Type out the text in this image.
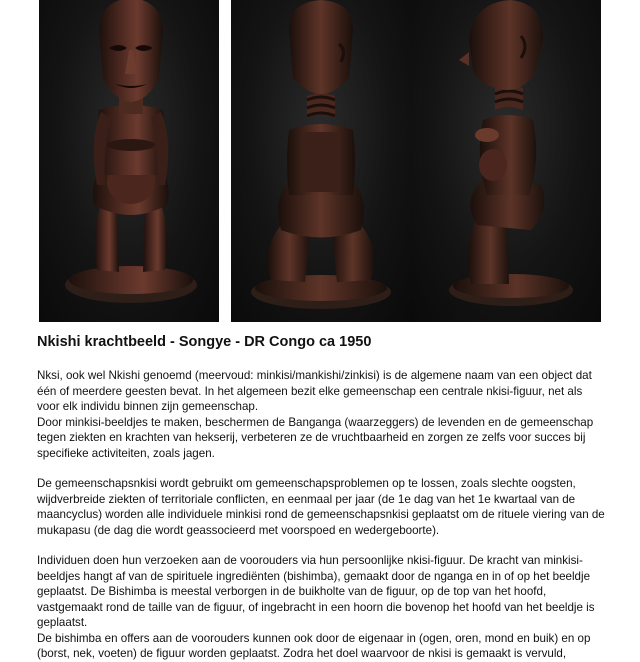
Nkishi krachtbeeld - Songye - DR Congo ca 1950

Nksi, ook wel Nkishi genoemd (meervoud: minkisi/mankishi/zinkisi) is de algemene naam van een object dat één of meerdere geesten bevat. In het algemeen bezit elke gemeenschap een centrale nkisi-figuur, net als voor elk individu binnen zijn gemeenschap.

Door minkisi-beeldjes te maken, beschermen de Banganga (waarzeggers) de levenden en de gemeenschap tegen ziekten en krachten van hekserij, verbeteren ze de vruchtbaarheid en zorgen ze zelfs voor succes bij specifieke activiteiten, zoals jagen.

De gemeenschapsnkisi wordt gebruikt om gemeenschapsproblemen op te lossen, zoals slechte oogsten, wijdverbreide ziekten of territoriale conflicten, en eenmaal per jaar (de 1e dag van het 1e kwartaal van de maancyclus) worden alle individuele minkisi rond de gemeenschapsnkisi geplaatst om de rituele viering van de mukapasu (de dag die wordt geassocieerd met voorspoed en wedergeboorte).

Individuen doen hun verzoeken aan de voorouders via hun persoonlijke nkisi-figuur. De kracht van minkisi-beeldjes hangt af van de spirituele ingrediënten (bishimba), gemaakt door de nganga en in of op het beeldje geplaatst. De Bishimba is meestal verborgen in de buikholte van de figuur, op de top van het hoofd, vastgemaakt rond de taille van de figuur, of ingebracht in een hoorn die bovenop het hoofd van het beeldje is geplaatst.

De bishimba en offers aan de voorouders kunnen ook door de eigenaar in (ogen, oren, mond en buik) en op (borst, nek, voeten) de figuur worden geplaatst. Zodra het doel waarvoor de nkisi is gemaakt is vervuld,
